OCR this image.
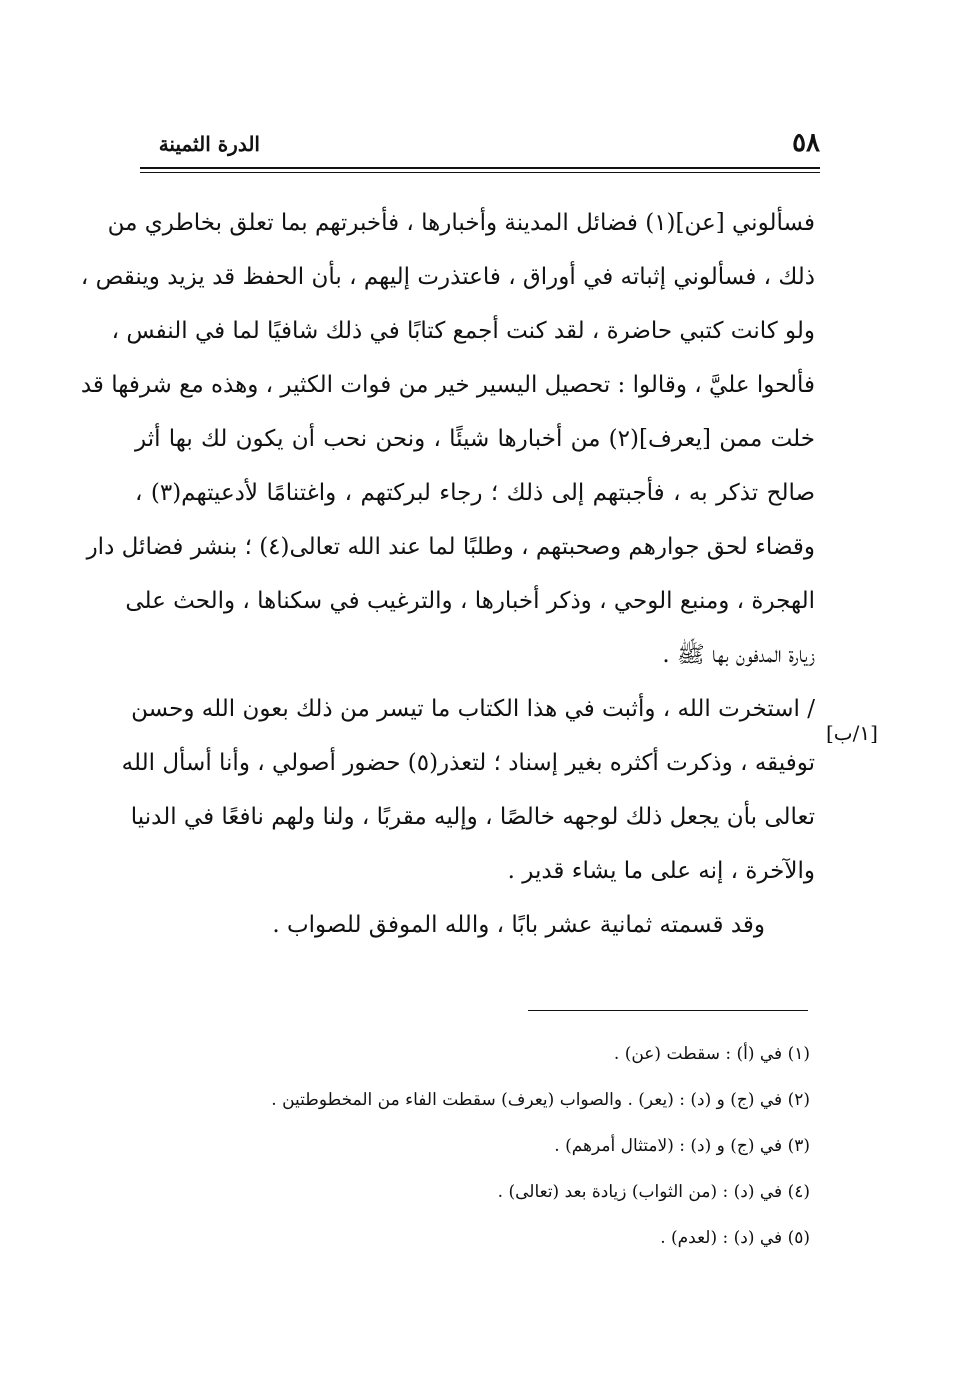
٥٨
الدرة الثمينة
[١/ب]
فسألوني [عن](١) فضائل المدينة وأخبارها ، فأخبرتهم بما تعلق بخاطري من
ذلك ، فسألوني إثباته في أوراق ، فاعتذرت إليهم ، بأن الحفظ قد يزيد وينقص ،
ولو كانت كتبي حاضرة ، لقد كنت أجمع كتابًا في ذلك شافيًا لما في النفس ،
فألحوا عليَّ ، وقالوا : تحصيل اليسير خير من فوات الكثير ، وهذه مع شرفها قد
خلت ممن [يعرف](٢) من أخبارها شيئًا ، ونحن نحب أن يكون لك بها أثر
صالح تذكر به ، فأجبتهم إلى ذلك ؛ رجاء لبركتهم ، واغتنامًا لأدعيتهم(٣) ،
وقضاء لحق جوارهم وصحبتهم ، وطلبًا لما عند الله تعالى(٤) ؛ بنشر فضائل دار
الهجرة ، ومنبع الوحي ، وذكر أخبارها ، والترغيب في سكناها ، والحث على
زيارة المدفون بها ﷺ .
/ استخرت الله ، وأثبت في هذا الكتاب ما تيسر من ذلك بعون الله وحسن
توفيقه ، وذكرت أكثره بغير إسناد ؛ لتعذر(٥) حضور أصولي ، وأنا أسأل الله
تعالى بأن يجعل ذلك لوجهه خالصًا ، وإليه مقربًا ، ولنا ولهم نافعًا في الدنيا
والآخرة ، إنه على ما يشاء قدير .
وقد قسمته ثمانية عشر بابًا ، والله الموفق للصواب .
(١) في (أ) : سقطت (عن) .
(٢) في (ج) و (د) : (يعر) . والصواب (يعرف) سقطت الفاء من المخطوطتين .
(٣) في (ج) و (د) : (لامتثال أمرهم) .
(٤) في (د) : (من الثواب) زيادة بعد (تعالى) .
(٥) في (د) : (لعدم) .
